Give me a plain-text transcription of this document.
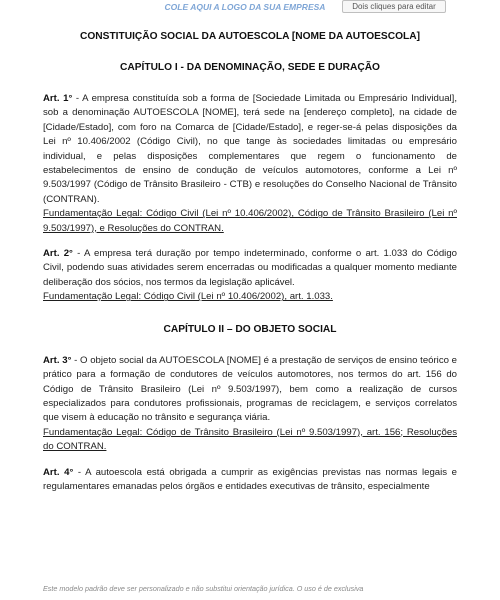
COLE AQUI A LOGO DA SUA EMPRESA	Dois cliques para editar

CONSTITUIÇÃO SOCIAL DA AUTOESCOLA [NOME DA AUTOESCOLA]

CAPÍTULO I - DA DENOMINAÇÃO, SEDE E DURAÇÃO

Art. 1° - A empresa constituída sob a forma de [Sociedade Limitada ou Empresário Individual], sob a denominação AUTOESCOLA [NOME], terá sede na [endereço completo], na cidade de [Cidade/Estado], com foro na Comarca de [Cidade/Estado], e reger-se-á pelas disposições da Lei nº 10.406/2002 (Código Civil), no que tange às sociedades limitadas ou empresário individual, e pelas disposições complementares que regem o funcionamento de estabelecimentos de ensino de condução de veículos automotores, conforme a Lei nº 9.503/1997 (Código de Trânsito Brasileiro - CTB) e resoluções do Conselho Nacional de Trânsito (CONTRAN).

Fundamentação Legal: Código Civil (Lei nº 10.406/2002), Código de Trânsito Brasileiro (Lei nº 9.503/1997), e Resoluções do CONTRAN.

Art. 2° - A empresa terá duração por tempo indeterminado, conforme o art. 1.033 do Código Civil, podendo suas atividades serem encerradas ou modificadas a qualquer momento mediante deliberação dos sócios, nos termos da legislação aplicável.

Fundamentação Legal: Código Civil (Lei nº 10.406/2002), art. 1.033.

CAPÍTULO II – DO OBJETO SOCIAL

Art. 3° - O objeto social da AUTOESCOLA [NOME] é a prestação de serviços de ensino teórico e prático para a formação de condutores de veículos automotores, nos termos do art. 156 do Código de Trânsito Brasileiro (Lei nº 9.503/1997), bem como a realização de cursos especializados para condutores profissionais, programas de reciclagem, e serviços correlatos que visem à educação no trânsito e segurança viária.

Fundamentação Legal: Código de Trânsito Brasileiro (Lei nº 9.503/1997), art. 156; Resoluções do CONTRAN.

Art. 4° - A autoescola está obrigada a cumprir as exigências previstas nas normas legais e regulamentares emanadas pelos órgãos e entidades executivas de trânsito, especialmente

Este modelo padrão deve ser personalizado e não substitui orientação jurídica. O uso é de exclusiva
